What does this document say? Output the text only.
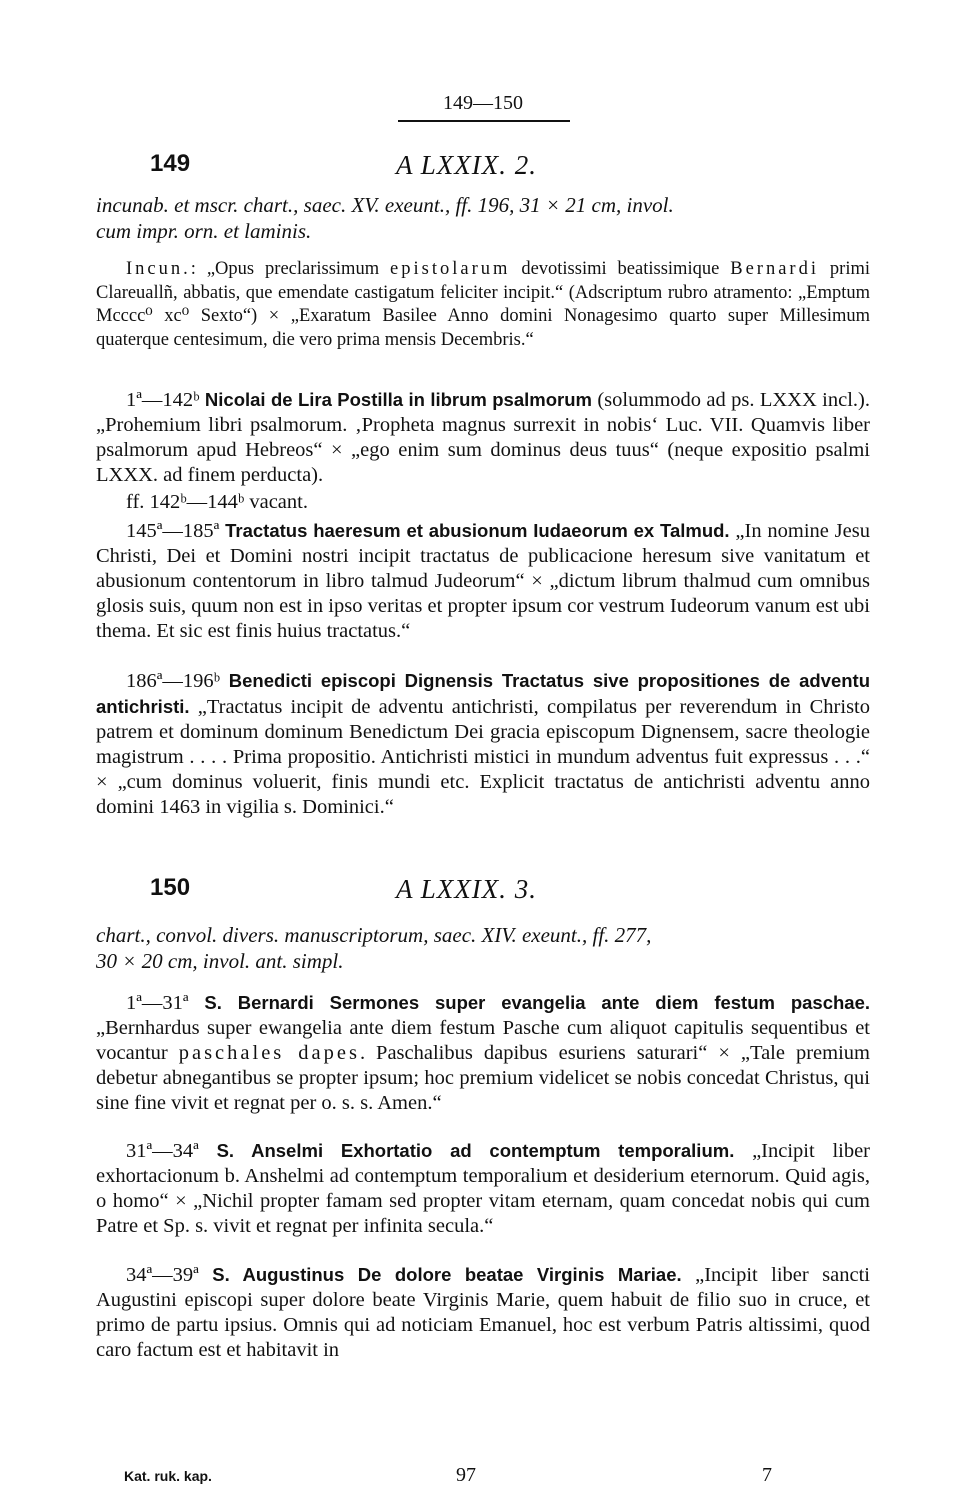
149—150
149	A LXXIX. 2.
incunab. et mscr. chart., saec. XV. exeunt., ff. 196, 31 × 21 cm, invol.
cum impr. orn. et laminis.
Incun.: „Opus preclarissimum epistolarum devotissimi beatissimique Bernardi primi Clareuallñ, abbatis, que emendate castigatum feliciter incipit.“ (Adscriptum rubro atramento: „Emptum Mcccc⁰ xc⁰ Sexto“) × „Exaratum Basilee Anno domini Nonagesimo quarto super Millesimum quaterque centesimum, die vero prima mensis Decembris.“
1ª—142ᵇ Nicolai de Lira Postilla in librum psalmorum (solummodo ad ps. LXXX incl.). „Prohemium libri psalmorum. ‚Propheta magnus surrexit in nobis‘ Luc. VII. Quamvis liber psalmorum apud Hebreos“ × „ego enim sum dominus deus tuus“ (neque expositio psalmi LXXX. ad finem perducta).
ff. 142ᵇ—144ᵇ vacant.
145ª—185ª Tractatus haeresum et abusionum Iudaeorum ex Talmud. „In nomine Jesu Christi, Dei et Domini nostri incipit tractatus de publicacione heresum sive vanitatum et abusionum contentorum in libro talmud Judeorum“ × „dictum librum thalmud cum omnibus glosis suis, quum non est in ipso veritas et propter ipsum cor vestrum Iudeorum vanum est ubi thema. Et sic est finis huius tractatus.“
186ª—196ᵇ Benedicti episcopi Dignensis Tractatus sive propositiones de adventu antichristi. „Tractatus incipit de adventu antichristi, compilatus per reverendum in Christo patrem et dominum dominum Benedictum Dei gracia episcopum Dignensem, sacre theologie magistrum . . . . Prima propositio. Antichristi mistici in mundum adventus fuit expressus . . .“ × „cum dominus voluerit, finis mundi etc. Explicit tractatus de antichristi adventu anno domini 1463 in vigilia s. Dominici.“
150	A LXXIX. 3.
chart., convol. divers. manuscriptorum, saec. XIV. exeunt., ff. 277,
30 × 20 cm, invol. ant. simpl.
1ª—31ª S. Bernardi Sermones super evangelia ante diem festum paschae. „Bernhardus super ewangelia ante diem festum Pasche cum aliquot capitulis sequentibus et vocantur paschales dapes. Paschalibus dapibus esuriens saturari“ × „Tale premium debetur abnegantibus se propter ipsum; hoc premium videlicet se nobis concedat Christus, qui sine fine vivit et regnat per o. s. s. Amen.“
31ª—34ª S. Anselmi Exhortatio ad contemptum temporalium. „Incipit liber exhortacionum b. Anshelmi ad contemptum temporalium et desiderium eternorum. Quid agis, o homo“ × „Nichil propter famam sed propter vitam eternam, quam concedat nobis qui cum Patre et Sp. s. vivit et regnat per infinita secula.“
34ª—39ª S. Augustinus De dolore beatae Virginis Mariae. „Incipit liber sancti Augustini episcopi super dolore beate Virginis Marie, quem habuit de filio suo in cruce, et primo de partu ipsius. Omnis qui ad noticiam Emanuel, hoc est verbum Patris altissimi, quod caro factum est et habitavit in
Kat. ruk. kap.	97	7
